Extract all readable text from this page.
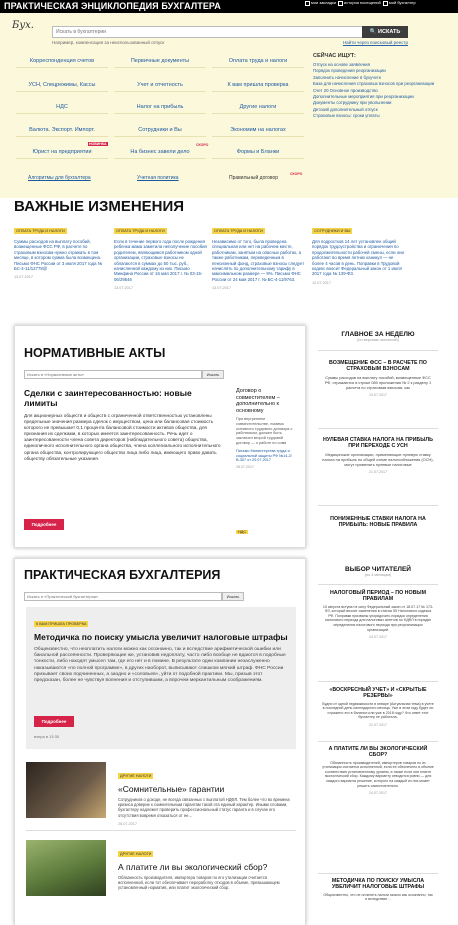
ПРАКТИЧЕСКАЯ ЭНЦИКЛОПЕДИЯ БУХГАЛТЕРА	мои закладки	история посещений	мой бухгалтер
Бух.
Искать в бухгалтерии
🔍 ИСКАТЬ
Например, компенсация за неиспользованный отпуск	Найти через поисковый реестр
Корреспонденция счетов	Первичные документы	Оплата труда и налоги
УСН, Спецрежимы, Кассы	Учет и отчетность	К вам пришла проверка
НДС	Налог на прибыль	Другие налоги
Валюта. Экспорт. Импорт.	Сотрудники и Вы	Экономим на налогах
Юрист на предприятии	На бизнес завели дело	Формы и Бланки
НОВИНКА	СКОРО
СЕЙЧАС ИЩУТ:
Отпуск на основе заявления
Порядок проведения реорганизации
Заполнить начисление в бухучете
База для начисления страховых взносов при реорганизации
Счет 20 Основное производство
Дополнительные мероприятия при реорганизации
Документы сотруднику при увольнении
Детский дополнительный отпуск
Страховые взносы: сроки уплаты
Алгоритмы для бухгалтера	Учетная политика	Правильный договор
СКОРО
ВАЖНЫЕ ИЗМЕНЕНИЯ
ОПЛАТА ТРУДА И НАЛОГИ
Суммы расходов на выплату пособий, возмещенные ФСС РФ, в расчете по страховым взносам нужно отражать в том месяце, в котором сумма была возмещена. Письмо ФНС России от 3 июля 2017 года № БС-4-11/12778@
13.07.2017
ОПЛАТА ТРУДА И НАЛОГИ
Если в течение первого года после рождения ребенка мама заметила неполучение пособия родителем, являющимся работником одной организации, страховые взносы не облагаются в суммах до 50 тыс. руб., начисленной каждому из них. Письмо Минфина России от 16 мая 2017 г. № 03-15-06/29546
13.07.2017
ОПЛАТА ТРУДА И НАЛОГИ
Независимо от того, была проведена специальная или нет на рабочем месте, работникам, занятым на опасных работах, а также работникам, переведенным в пенсионный фонд, страховые взносы следует начислять по дополнительному тарифу в максимальном размере — 9%. Письмо ФНС России от 24 мая 2017 г. № БС-4-11/9763.
13.07.2017
СОТРУДНИКИ И ВЫ
Для подростков 14 лет установлен общий порядок трудоустройства и ограничения по продолжительности рабочей смены, если они работают во время летних каникул — не более 4 часов в день. Поправки в Трудовой кодекс вносит Федеральный закон от 1 июля 2017 года № 139-ФЗ.
12.07.2017
НОРМАТИВНЫЕ АКТЫ
Искать в «Нормативные акты»
Искать
Сделки с заинтересованностью: новые лимиты
Для акционерных обществ и обществ с ограниченной ответственностью установлены предельные значения размера сделок с имуществом, цена или балансовая стоимость которого не превышает 0,1 процента балансовой стоимости активов общества, для признания их сделками, в которых имеется заинтересованность. Речь идет о заинтересованности члена совета директоров (наблюдательного совета) общества, единоличного исполнительного органа общества, члена коллегиального исполнительного органа общества, контролирующего общество лица либо лица, имеющего право давать обществу обязательные указания.
Подробнее
Договор о совместителем – дополнительно к основному
При внутреннем совместительстве, помимо основного трудового договора с работником, должен быть заключен второй трудовой договор — о работе по совм
Письмо Министерства труда и социальной защиты РФ №14-2/В-307 от 20.07.2017
28.07.2017
НДС
ГЛАВНОЕ ЗА НЕДЕЛЮ
(по версиям читателей)
ВОЗМЕЩЕНИЕ ФСС – В РАСЧЕТЕ ПО СТРАХОВЫМ ВЗНОСАМ
Суммы расходов на выплату пособий, возмещенные ФСС РФ, отражаются в строке 080 приложения № 2 к разделу 1 расчета по страховым взносам, как
13.07.2017
НУЛЕВАЯ СТАВКА НАЛОГА НА ПРИБЫЛЬ ПРИ ПЕРЕХОДЕ С УСН
Медицинские организации, применяющие нулевую ставку налога на прибыль по общей схеме налогообложения (ОСН), могут применять нулевые налоговые
21.07.2017
ПОНИЖЕННЫЕ СТАВКИ НАЛОГА НА ПРИБЫЛЬ: НОВЫЕ ПРАВИЛА
ПРАКТИЧЕСКАЯ БУХГАЛТЕРИЯ
Искать в «Практической бухгалтерии»
Искать
К ВАМ ПРИШЛА ПРОВЕРКА
Методичка по поиску умысла увеличит налоговые штрафы
Общеизвестно, что неоплатить налоги можно как осознанно, так и вследствие арифметической ошибки или банальной рассеянности. Проверяющие же, установив недоплату, часто либо вообще не вдаются в подобные тонкости, либо находят умысел там, где его нет и в помине. В результате одни компании незаслуженно наказываются «по полной программе», в других наоборот, выписывают слишком мягкий штраф. ФНС России призывает своих подчиненных, а заодно и «соловьев», уйти от подобной практики. Мы, призыв этот предсказан, более не чувствуя волнения и отступившим, а впрочем меркантильным соображениям.
Подробнее
вчера в 13:35
ДРУГИЕ НАЛОГИ
«Сомнительные» гарантии
Сотрудников о доходе, не всегда связанных с выплатой НДФЛ. Тем более что во времена кризиса доверие к сомнительным гарантам такой эта единый характер. Иными словами, бухгалтеру надлежит проверить профессиональный статус гаранта и в случае его отсутствия вовремя отказаться от ее…
26.07.2017
ДРУГИЕ НАЛОГИ
А платите ли вы экологический сбор?
Обязанность производителя, импортера товаров по его утилизации считается исполненной, если тот обеспечивает переработку отходов в объеме, превышающем установленный норматив, или платит экологический сбор.
ВЫБОР ЧИТАТЕЛЕЙ
(по 4 месяцам)
НАЛОГОВЫЙ ПЕРИОД – ПО НОВЫМ ПРАВИЛАМ
15 августа вступил в силу Федеральный закон от 18.07.17 № 173-ФЗ, который вносит изменения в статью 55 Налогового кодекса РФ. Поправки призваны упорядочить порядок определения налогового периода для налоговых агентов по НДФЛ в порядке определения налогового периода при реорганизации организаций.
24.07.2017
«ВОСКРЕСНЫЙ УЧЕТ» И «СКРЫТЫЕ РЕЗЕРВЫ»
Будни от одной недвижимости в январе (Актуальная тема) в учете в последний день календарного месяца. Уже в этом году будет ли отражено это в балансе или уже в 2018 году? Что ответ этот бухгалтер не работала.
21.07.2017
А ПЛАТИТЕ ЛИ ВЫ ЭКОЛОГИЧЕСКИЙ СБОР?
Обязанность производителей, импортеров товаров по их утилизации считается исполненной, если ее обеспечено в объеме соответствия установленному уровню, а также если они платят экологический сбор. Каждому варианту отводится ровно — для каждого варианта решение, которого на каждый из них может решить самостоятельно.
24.07.2017
МЕТОДИЧКА ПО ПОИСКУ УМЫСЛА УВЕЛИЧИТ НАЛОГОВЫЕ ШТРАФЫ
Общеизвестно, что не оплатить налоги можно как осознанно, так и вследствие…
